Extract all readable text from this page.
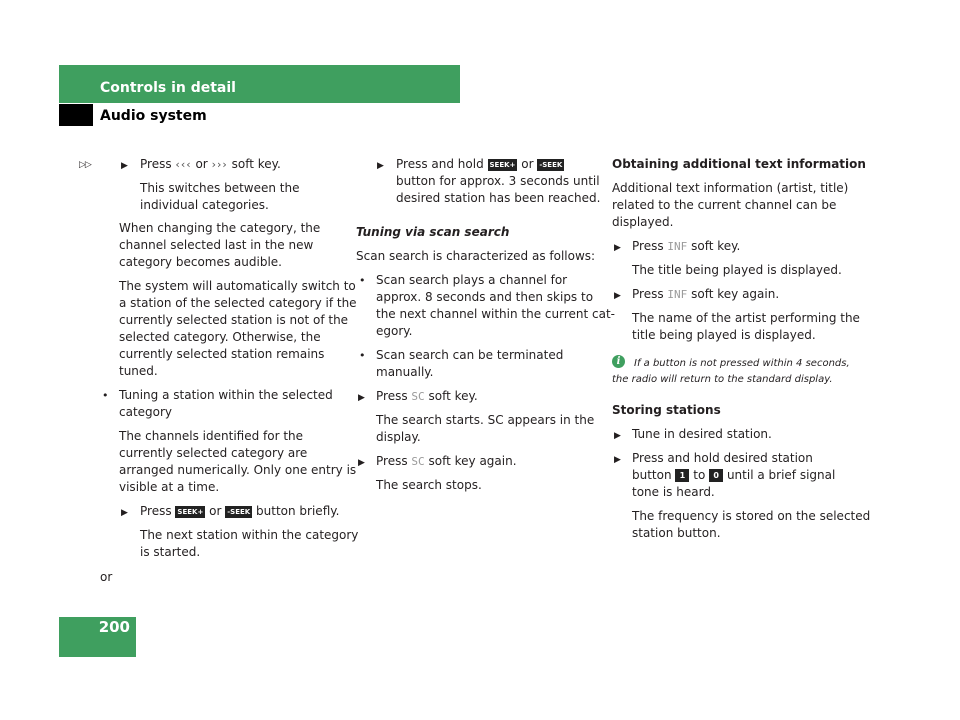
Controls in detail
Audio system
▷▷	▶ Press ‹‹‹ or ››› soft key.
This switches between the
individual categories.
When changing the category, the
channel selected last in the new
category becomes audible.
The system will automatically switch to
a station of the selected category if the
currently selected station is not of the
selected category. Otherwise, the
currently selected station remains
tuned.
• Tuning a station within the selected
category
The channels identified for the
currently selected category are
arranged numerically. Only one entry is
visible at a time.
▶ Press SEEK+ or -SEEK button briefly.
The next station within the category
is started.
or
▶ Press and hold SEEK+ or -SEEK
button for approx. 3 seconds until
desired station has been reached.
Tuning via scan search
Scan search is characterized as follows:
• Scan search plays a channel for
approx. 8 seconds and then skips to
the next channel within the current cat-
egory.
• Scan search can be terminated
manually.
▶ Press SC soft key.
The search starts. SC appears in the
display.
▶ Press SC soft key again.
The search stops.
Obtaining additional text information
Additional text information (artist, title)
related to the current channel can be
displayed.
▶ Press INF soft key.
The title being played is displayed.
▶ Press INF soft key again.
The name of the artist performing the
title being played is displayed.
i	If a button is not pressed within 4 seconds,
the radio will return to the standard display.
Storing stations
▶ Tune in desired station.
▶ Press and hold desired station
button 1 to 0 until a brief signal
tone is heard.
The frequency is stored on the selected
station button.
200
